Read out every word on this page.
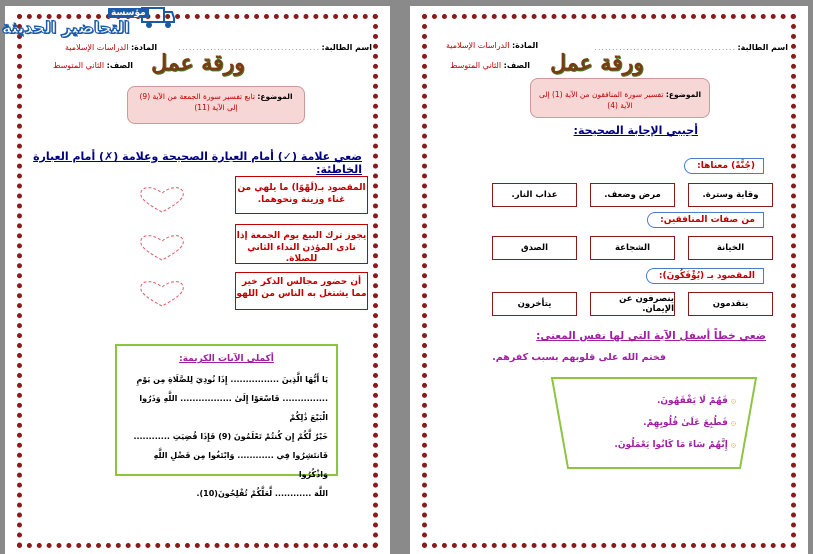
اسم الطالبة:
........................................
المادة: الدراسات الإسلامية
الصف: الثاني المتوسط	ورقة عمل
الموضوع: تابع تفسير سورة الجمعة من الآية (9) إلى الآية (11)
ضعي علامة (✓) أمام العبارة الصحيحة وعلامة (✗) أمام العبارة الخاطئة:
المقصود بـ(لَهْوًا) ما يلهي من غناء وزينة ونحوهما.
يجوز ترك البيع يوم الجمعة إذا نادى المؤذن النداء الثاني للصلاة.
أن حضور مجالس الذكر خير مما يشتغل به الناس من اللهو
أكملي الآيات الكريمة:
يَا أَيُّهَا الَّذِينَ ................ إِذَا نُودِيَ لِلصَّلَاةِ مِن يَوْمِ
............... فَاسْعَوْا إِلَىٰ ................. اللَّهِ وَذَرُوا الْبَيْعَ ذَٰلِكُمْ
خَيْرٌ لَّكُمْ إِن كُنتُمْ تَعْلَمُونَ (9) فَإِذَا قُضِيَتِ ............
فَانتَشِرُوا فِي ............ وَابْتَغُوا مِن فَضْلِ اللَّهِ وَاذْكُرُوا
اللَّهَ ............ لَّعَلَّكُمْ تُفْلِحُونَ(10).
اسم الطالبة:
........................................
المادة: الدراسات الإسلامية
الصف: الثاني المتوسط	ورقة عمل
الموضوع: تفسير سورة المنافقون من الآية (1) إلى الآية (4)
أجيبي الإجابة الصحيحة:
(جُنَّةً) معناها:
وقاية وسترة.
مرض وضعف.
عذاب النار.
من صفات المنافقين:
الخيانة
الشجاعة
الصدق
المقصود بـ (يُؤْفَكُونَ):
يتقدمون
ينصرفون عن الإيمان.
يتأخرون
ضعي خطاً أسفل الآية التي لها نفس المعنى:
فختم الله على قلوبهم بسبب كفرهم.
۞ فَهُمْ لَا يَفْقَهُونَ.
۞ فَطُبِعَ عَلَىٰ قُلُوبِهِمْ.
۞ إِنَّهُمْ سَاءَ مَا كَانُوا يَعْمَلُونَ.
مؤسسة
التحاضير الحديثة
